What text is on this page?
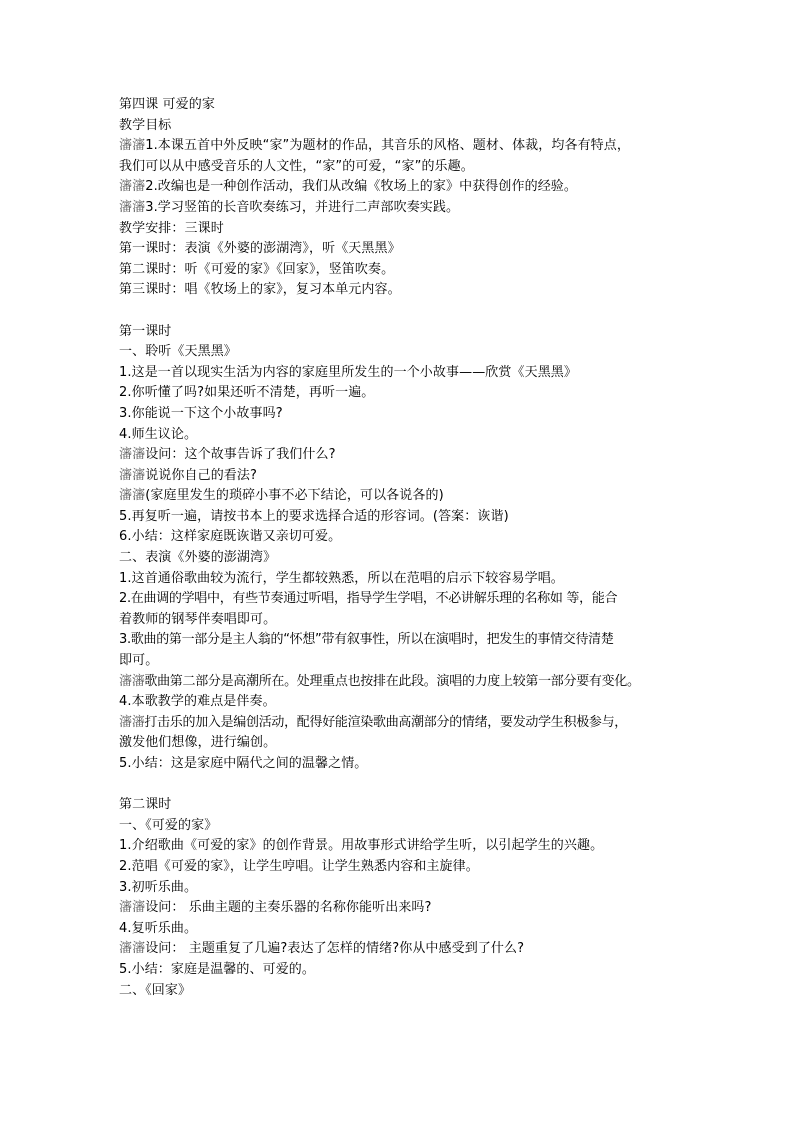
第四课 可爱的家
教学目标
瀋瀋1.本课五首中外反映“家”为题材的作品，其音乐的风格、题材、体裁，均各有特点，
我们可以从中感受音乐的人文性，“家”的可爱，“家”的乐趣。
瀋瀋2.改编也是一种创作活动，我们从改编《牧场上的家》中获得创作的经验。
瀋瀋3.学习竖笛的长音吹奏练习，并进行二声部吹奏实践。
教学安排：三课时
第一课时：表演《外婆的澎湖湾》，听《天黑黑》
第二课时：听《可爱的家》《回家》，竖笛吹奏。
第三课时：唱《牧场上的家》，复习本单元内容。
第一课时
一、聆听《天黑黑》
1.这是一首以现实生活为内容的家庭里所发生的一个小故事——欣赏《天黑黑》
2.你听懂了吗?如果还听不清楚，再听一遍。
3.你能说一下这个小故事吗?
4.师生议论。
瀋瀋设问：这个故事告诉了我们什么?
瀋瀋说说你自己的看法?
瀋瀋(家庭里发生的琐碎小事不必下结论，可以各说各的)
5.再复听一遍，请按书本上的要求选择合适的形容词。(答案：诙谐)
6.小结：这样家庭既诙谐又亲切可爱。
二、表演《外婆的澎湖湾》
1.这首通俗歌曲较为流行，学生都较熟悉，所以在范唱的启示下较容易学唱。
2.在曲调的学唱中，有些节奏通过听唱，指导学生学唱，不必讲解乐理的名称如 等，能合
着教师的钢琴伴奏唱即可。
3.歌曲的第一部分是主人翁的“怀想”带有叙事性，所以在演唱时，把发生的事情交待清楚
即可。
瀋瀋歌曲第二部分是高潮所在。处理重点也按排在此段。演唱的力度上较第一部分要有变化。
4.本歌教学的难点是伴奏。
瀋瀋打击乐的加入是编创活动，配得好能渲染歌曲高潮部分的情绪，要发动学生积极参与，
激发他们想像，进行编创。
5.小结：这是家庭中隔代之间的温馨之情。
第二课时
一、《可爱的家》
1.介绍歌曲《可爱的家》的创作背景。用故事形式讲给学生听，以引起学生的兴趣。
2.范唱《可爱的家》，让学生哼唱。让学生熟悉内容和主旋律。
3.初听乐曲。
瀋瀋设问： 乐曲主题的主奏乐器的名称你能听出来吗?
4.复听乐曲。
瀋瀋设问： 主题重复了几遍?表达了怎样的情绪?你从中感受到了什么?
5.小结：家庭是温馨的、可爱的。
二、《回家》
